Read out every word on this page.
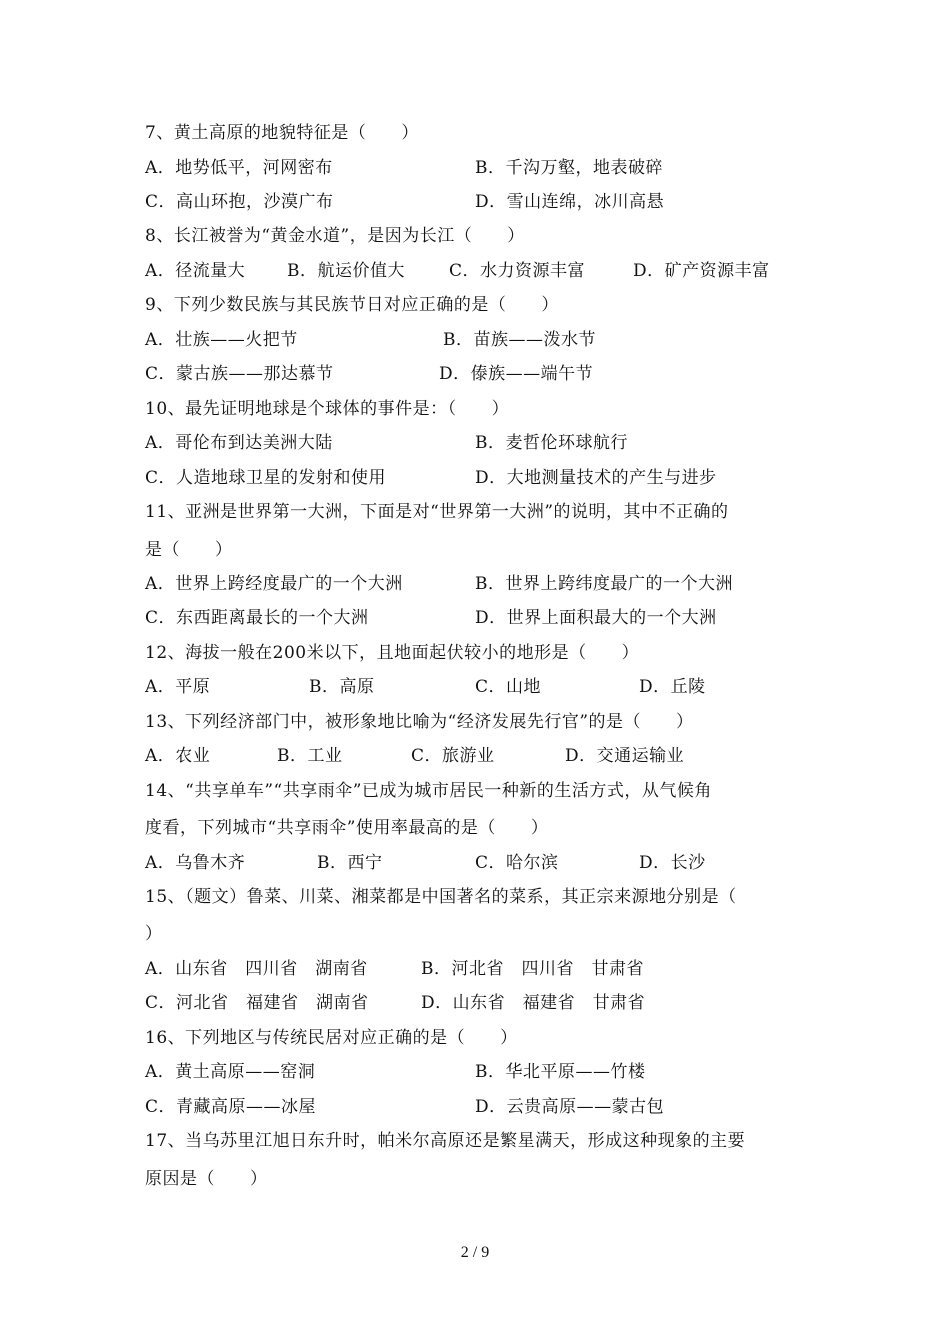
7、黄土高原的地貌特征是（　　）
A．地势低平，河网密布	B．千沟万壑，地表破碎
C．高山环抱，沙漠广布	D．雪山连绵，冰川高悬
8、长江被誉为“黄金水道”，是因为长江（　　）
A．径流量大 B．航运价值大	C．水力资源丰富	D．矿产资源丰富
9、下列少数民族与其民族节日对应正确的是（　　）
A．壮族——火把节	B．苗族——泼水节
C．蒙古族——那达慕节	D．傣族——端午节
10、最先证明地球是个球体的事件是：（　　）
A．哥伦布到达美洲大陆	B．麦哲伦环球航行
C．人造地球卫星的发射和使用	D．大地测量技术的产生与进步
11、亚洲是世界第一大洲，下面是对“世界第一大洲”的说明，其中不正确的
是（　　）
A．世界上跨经度最广的一个大洲	B．世界上跨纬度最广的一个大洲
C．东西距离最长的一个大洲	D．世界上面积最大的一个大洲
12、海拔一般在200米以下，且地面起伏较小的地形是（　　）
A．平原	B．高原	C．山地	D．丘陵
13、下列经济部门中，被形象地比喻为“经济发展先行官”的是（　　）
A．农业	B．工业	C．旅游业	D．交通运输业
14、“共享单车”“共享雨伞”已成为城市居民一种新的生活方式，从气候角
度看，下列城市“共享雨伞”使用率最高的是（　　）
A．乌鲁木齐	B．西宁	C．哈尔滨	D．长沙
15、（题文）鲁菜、川菜、湘菜都是中国著名的菜系，其正宗来源地分别是（
）
A．山东省　四川省　湖南省	B．河北省　四川省　甘肃省
C．河北省　福建省　湖南省	D．山东省　福建省　甘肃省
16、下列地区与传统民居对应正确的是（　　）
A．黄土高原——窑洞	B．华北平原——竹楼
C．青藏高原——冰屋	D．云贵高原——蒙古包
17、当乌苏里江旭日东升时，帕米尔高原还是繁星满天，形成这种现象的主要
原因是（　　）
2 / 9
